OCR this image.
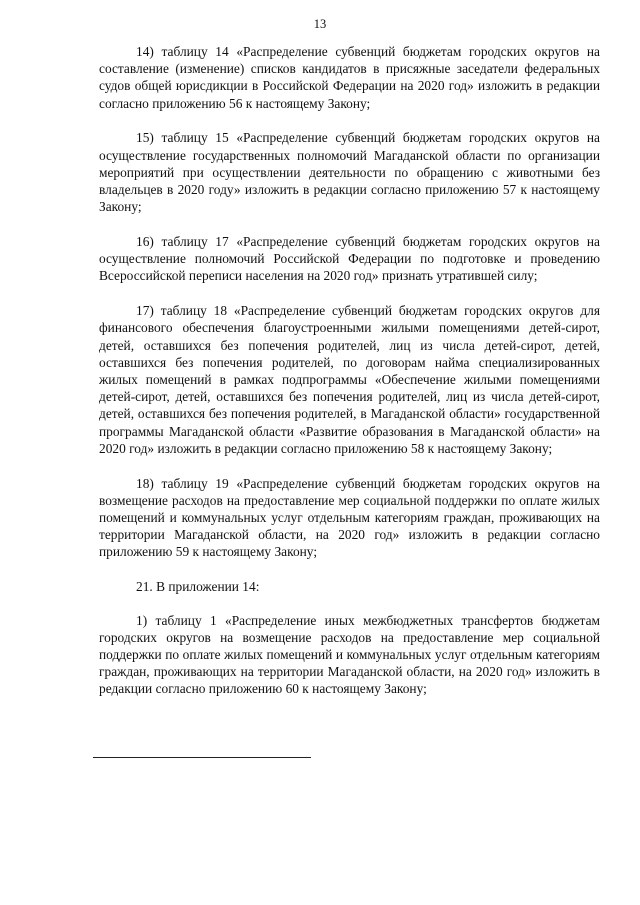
13

14) таблицу 14 «Распределение субвенций бюджетам городских округов на составление (изменение) списков кандидатов в присяжные заседатели федеральных судов общей юрисдикции в Российской Федерации на 2020 год» изложить в редакции согласно приложению 56 к настоящему Закону;

15) таблицу 15 «Распределение субвенций бюджетам городских округов на осуществление государственных полномочий Магаданской области по организации мероприятий при осуществлении деятельности по обращению с животными без владельцев в 2020 году» изложить в редакции согласно приложению 57 к настоящему Закону;

16) таблицу 17 «Распределение субвенций бюджетам городских округов на осуществление полномочий Российской Федерации по подготовке и проведению Всероссийской переписи населения на 2020 год» признать утратившей силу;

17) таблицу 18 «Распределение субвенций бюджетам городских округов для финансового обеспечения благоустроенными жилыми помещениями детей-сирот, детей, оставшихся без попечения родителей, лиц из числа детей-сирот, детей, оставшихся без попечения родителей, по договорам найма специализированных жилых помещений в рамках подпрограммы «Обеспечение жилыми помещениями детей-сирот, детей, оставшихся без попечения родителей, лиц из числа детей-сирот, детей, оставшихся без попечения родителей, в Магаданской области» государственной программы Магаданской области «Развитие образования в Магаданской области» на 2020 год» изложить в редакции согласно приложению 58 к настоящему Закону;

18) таблицу 19 «Распределение субвенций бюджетам городских округов на возмещение расходов на предоставление мер социальной поддержки по оплате жилых помещений и коммунальных услуг отдельным категориям граждан, проживающих на территории Магаданской области, на 2020 год» изложить в редакции согласно приложению 59 к настоящему Закону;

21. В приложении 14:

1) таблицу 1 «Распределение иных межбюджетных трансфертов бюджетам городских округов на возмещение расходов на предоставление мер социальной поддержки по оплате жилых помещений и коммунальных услуг отдельным категориям граждан, проживающих на территории Магаданской области, на 2020 год» изложить в редакции согласно приложению 60 к настоящему Закону;
